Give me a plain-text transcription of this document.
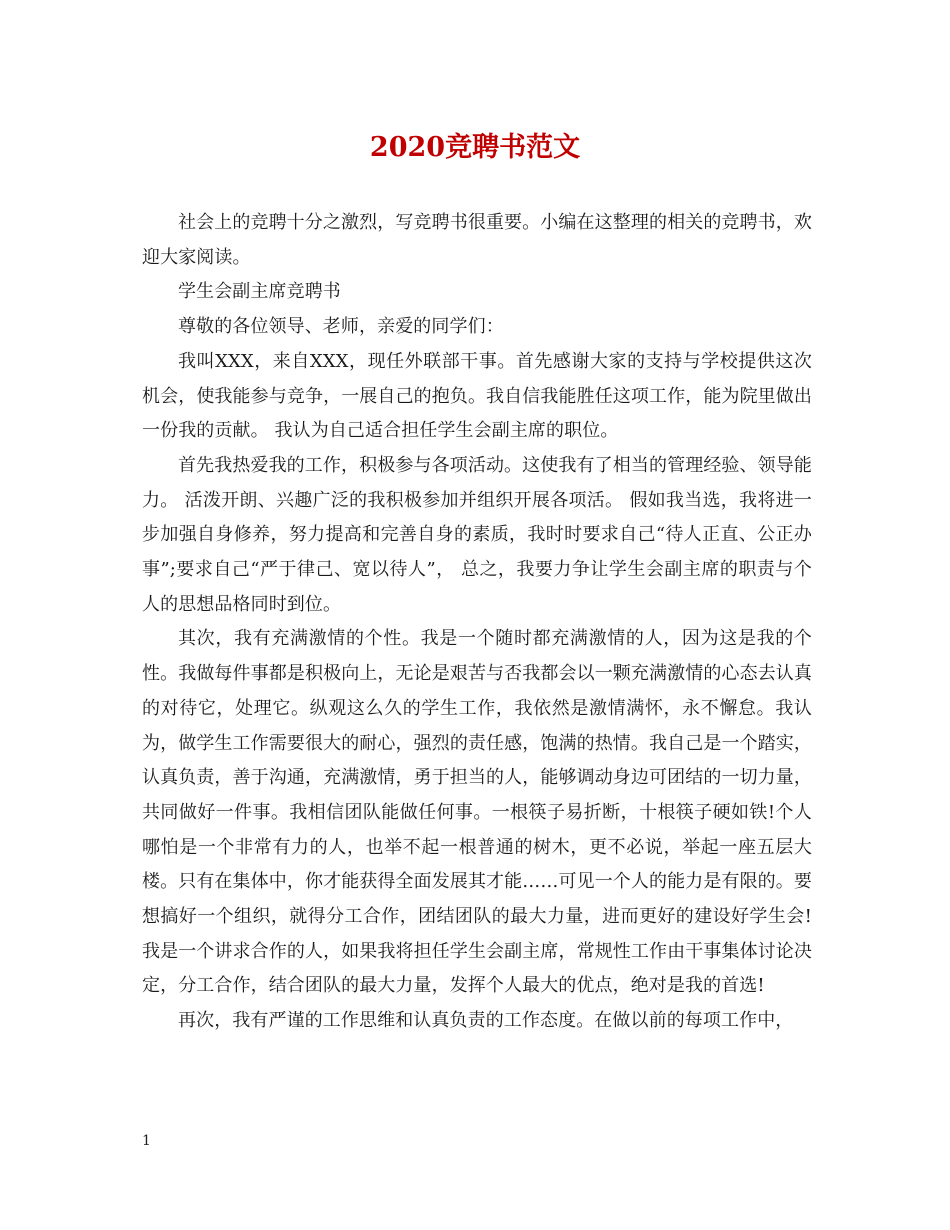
2020竞聘书范文

社会上的竞聘十分之激烈，写竞聘书很重要。小编在这整理的相关的竞聘书，欢迎大家阅读。

学生会副主席竞聘书

尊敬的各位领导、老师，亲爱的同学们：

我叫XXX，来自XXX，现任外联部干事。首先感谢大家的支持与学校提供这次机会，使我能参与竞争，一展自己的抱负。我自信我能胜任这项工作，能为院里做出一份我的贡献。 我认为自己适合担任学生会副主席的职位。

首先我热爱我的工作，积极参与各项活动。这使我有了相当的管理经验、领导能力。 活泼开朗、兴趣广泛的我积极参加并组织开展各项活。 假如我当选，我将进一步加强自身修养，努力提高和完善自身的素质，我时时要求自己“待人正直、公正办事”;要求自己“严于律己、宽以待人”， 总之，我要力争让学生会副主席的职责与个人的思想品格同时到位。

其次，我有充满激情的个性。我是一个随时都充满激情的人，因为这是我的个性。我做每件事都是积极向上，无论是艰苦与否我都会以一颗充满激情的心态去认真的对待它，处理它。纵观这么久的学生工作，我依然是激情满怀，永不懈怠。我认为，做学生工作需要很大的耐心，强烈的责任感，饱满的热情。我自己是一个踏实，认真负责，善于沟通，充满激情，勇于担当的人，能够调动身边可团结的一切力量，共同做好一件事。我相信团队能做任何事。一根筷子易折断，十根筷子硬如铁!个人哪怕是一个非常有力的人，也举不起一根普通的树木，更不必说，举起一座五层大楼。只有在集体中，你才能获得全面发展其才能……可见一个人的能力是有限的。要想搞好一个组织，就得分工合作，团结团队的最大力量，进而更好的建设好学生会!我是一个讲求合作的人，如果我将担任学生会副主席，常规性工作由干事集体讨论决定，分工合作，结合团队的最大力量，发挥个人最大的优点，绝对是我的首选!

再次，我有严谨的工作思维和认真负责的工作态度。在做以前的每项工作中，

1
